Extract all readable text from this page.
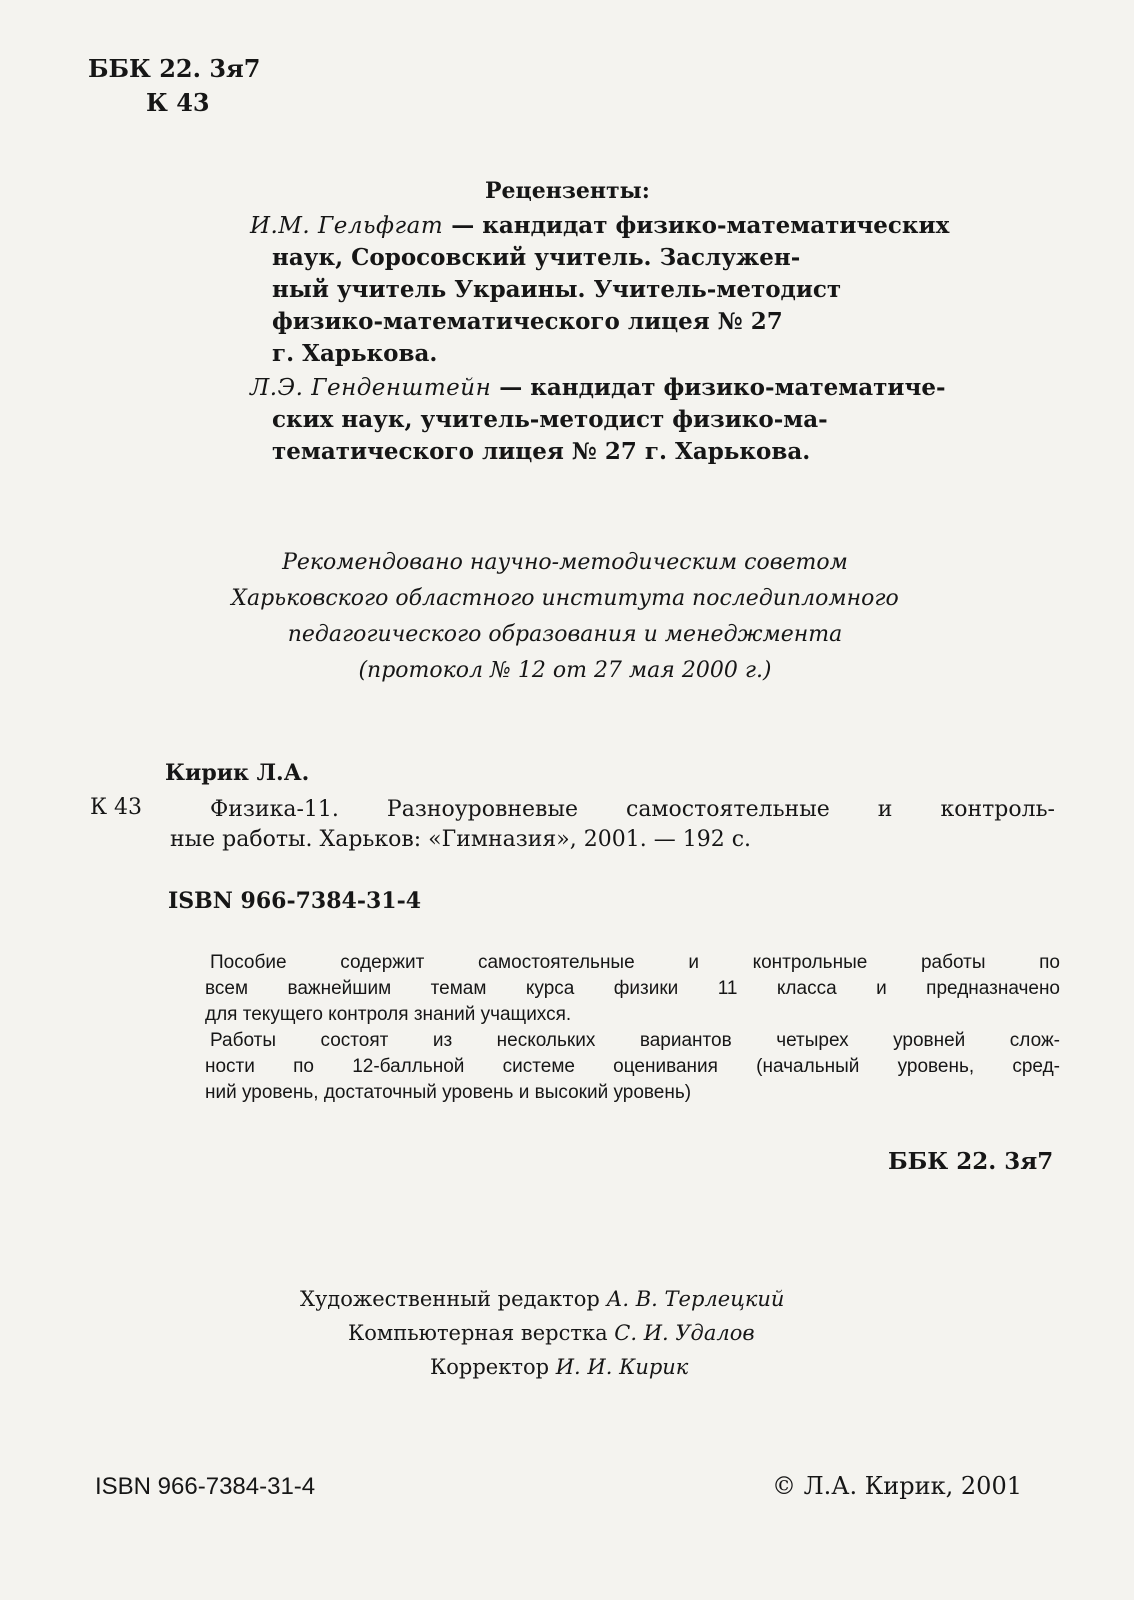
ББК 22. 3я7
К 43
Рецензенты:
И.М. Гельфгат — кандидат физико-математических
наук, Соросовский учитель. Заслужен-
ный учитель Украины. Учитель-методист
физико-математического лицея № 27
г. Харькова.
Л.Э. Генденштейн — кандидат физико-математиче-
ских наук, учитель-методист физико-ма-
тематического лицея № 27 г. Харькова.
Рекомендовано научно-методическим советом
Харьковского областного института последипломного
педагогического образования и менеджмента
(протокол № 12 от 27 мая 2000 г.)
Кирик Л.А.
К 43	Физика-11. Разноуровневые самостоятельные и контроль-
ные работы. Харьков: «Гимназия», 2001. — 192 с.
ISBN 966-7384-31-4

Пособие содержит самостоятельные и контрольные работы по
всем важнейшим темам курса физики 11 класса и предназначено
для текущего контроля знаний учащихся.

Работы состоят из нескольких вариантов четырех уровней слож-
ности по 12-балльной системе оценивания (начальный уровень, сред-
ний уровень, достаточный уровень и высокий уровень)

ББК 22. 3я7
Художественный редактор А. В. Терлецкий
Компьютерная верстка С. И. Удалов
Корректор И. И. Кирик
ISBN 966-7384-31-4	© Л.А. Кирик, 2001
